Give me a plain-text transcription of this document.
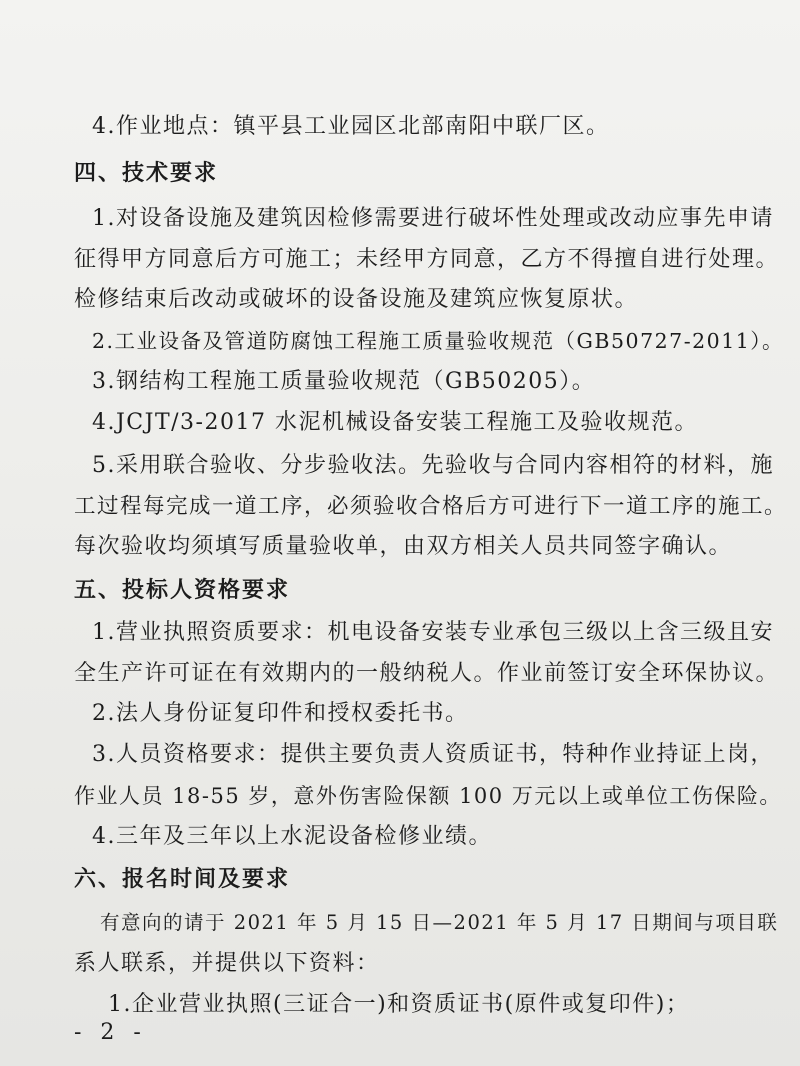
4.作业地点：镇平县工业园区北部南阳中联厂区。
四、技术要求
1.对设备设施及建筑因检修需要进行破坏性处理或改动应事先申请
征得甲方同意后方可施工；未经甲方同意，乙方不得擅自进行处理。
检修结束后改动或破坏的设备设施及建筑应恢复原状。
2.工业设备及管道防腐蚀工程施工质量验收规范（GB50727-2011）。
3.钢结构工程施工质量验收规范（GB50205）。
4.JCJT/3-2017 水泥机械设备安装工程施工及验收规范。
5.采用联合验收、分步验收法。先验收与合同内容相符的材料，施
工过程每完成一道工序，必须验收合格后方可进行下一道工序的施工。
每次验收均须填写质量验收单，由双方相关人员共同签字确认。
五、投标人资格要求
1.营业执照资质要求：机电设备安装专业承包三级以上含三级且安
全生产许可证在有效期内的一般纳税人。作业前签订安全环保协议。
2.法人身份证复印件和授权委托书。
3.人员资格要求：提供主要负责人资质证书，特种作业持证上岗，
作业人员 18-55 岁，意外伤害险保额 100 万元以上或单位工伤保险。
4.三年及三年以上水泥设备检修业绩。
六、报名时间及要求
有意向的请于 2021 年 5 月 15 日—2021 年 5 月 17 日期间与项目联
系人联系，并提供以下资料：
1.企业营业执照(三证合一)和资质证书(原件或复印件)；
- 2 -
